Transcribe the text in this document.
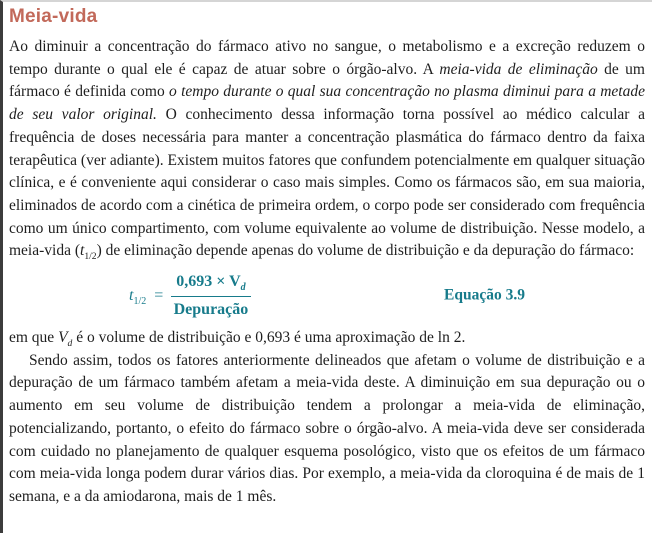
Meia-vida

Ao diminuir a concentração do fármaco ativo no sangue, o metabolismo e a excreção reduzem o tempo durante o qual ele é capaz de atuar sobre o órgão-alvo. A meia-vida de eliminação de um fármaco é definida como o tempo durante o qual sua concentração no plasma diminui para a metade de seu valor original. O conhecimento dessa informação torna possível ao médico calcular a frequência de doses necessária para manter a concentração plasmática do fármaco dentro da faixa terapêutica (ver adiante). Existem muitos fatores que confundem potencialmente em qualquer situação clínica, e é conveniente aqui considerar o caso mais simples. Como os fármacos são, em sua maioria, eliminados de acordo com a cinética de primeira ordem, o corpo pode ser considerado com frequência como um único compartimento, com volume equivalente ao volume de distribuição. Nesse modelo, a meia-vida $(t_{1/2})$ de eliminação depende apenas do volume de distribuição e da depuração do fármaco:

$t_{1/2} = \frac{0,693 \times V_d}{\text{Depuração}}$	Equação 3.9

em que $V_d$ é o volume de distribuição e 0,693 é uma aproximação de ln 2.

Sendo assim, todos os fatores anteriormente delineados que afetam o volume de distribuição e a depuração de um fármaco também afetam a meia-vida deste. A diminuição em sua depuração ou o aumento em seu volume de distribuição tendem a prolongar a meia-vida de eliminação, potencializando, portanto, o efeito do fármaco sobre o órgão-alvo. A meia-vida deve ser considerada com cuidado no planejamento de qualquer esquema posológico, visto que os efeitos de um fármaco com meia-vida longa podem durar vários dias. Por exemplo, a meia-vida da cloroquina é de mais de 1 semana, e a da amiodarona, mais de 1 mês.
